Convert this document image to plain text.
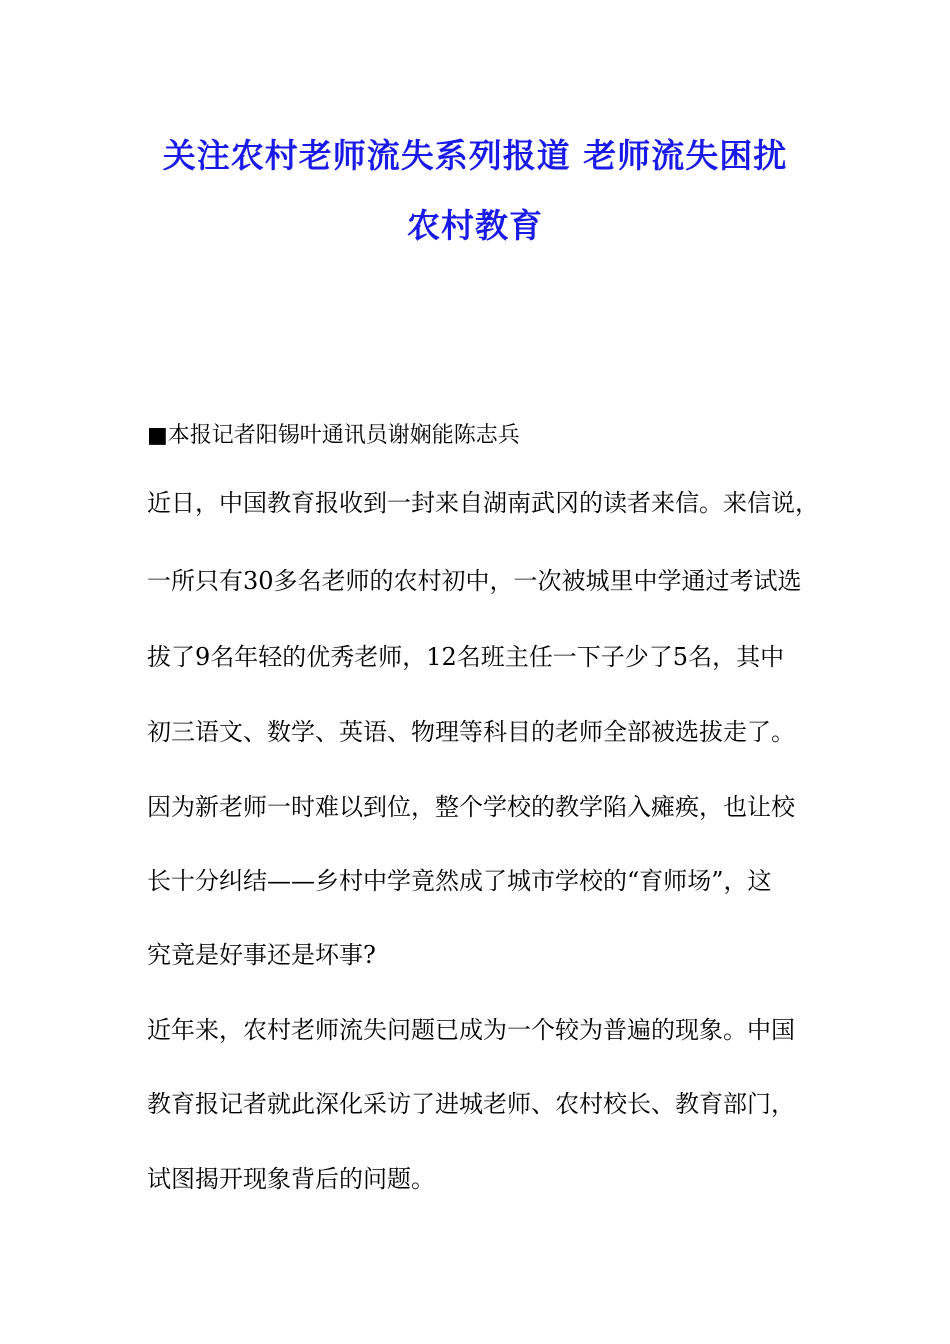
关注农村老师流失系列报道 老师流失困扰
农村教育
■本报记者阳锡叶通讯员谢娴能陈志兵
近日，中国教育报收到一封来自湖南武冈的读者来信。来信说，
一所只有30多名老师的农村初中，一次被城里中学通过考试选
拔了9名年轻的优秀老师，12名班主任一下子少了5名，其中
初三语文、数学、英语、物理等科目的老师全部被选拔走了。
因为新老师一时难以到位，整个学校的教学陷入瘫痪，也让校
长十分纠结——乡村中学竟然成了城市学校的“育师场”，这
究竟是好事还是坏事?
近年来，农村老师流失问题已成为一个较为普遍的现象。中国
教育报记者就此深化采访了进城老师、农村校长、教育部门，
试图揭开现象背后的问题。
